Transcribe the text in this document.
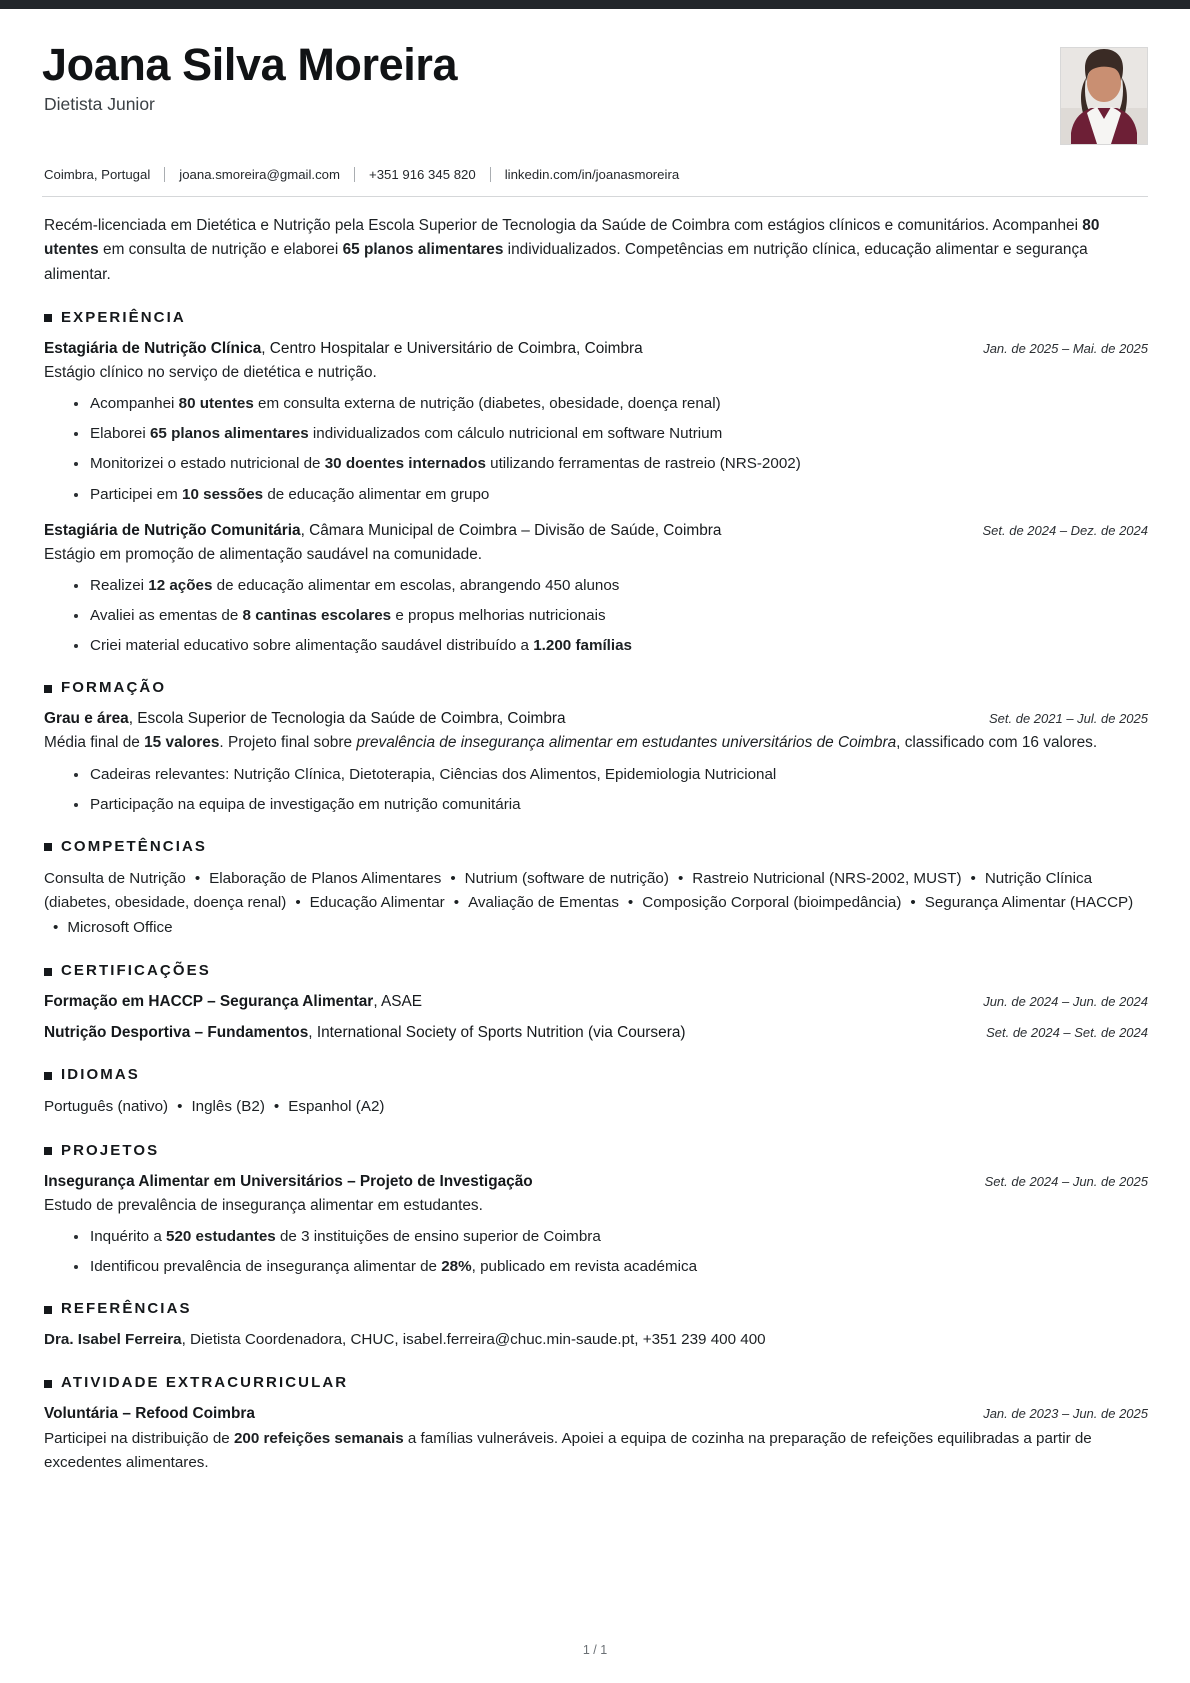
Joana Silva Moreira
Dietista Junior
Coimbra, Portugal joana.smoreira@gmail.com +351 916 345 820 linkedin.com/in/joanasmoreira
Recém-licenciada em Dietética e Nutrição pela Escola Superior de Tecnologia da Saúde de Coimbra com estágios clínicos e comunitários. Acompanhei 80 utentes em consulta de nutrição e elaborei 65 planos alimentares individualizados. Competências em nutrição clínica, educação alimentar e segurança alimentar.
EXPERIÊNCIA
Estagiária de Nutrição Clínica, Centro Hospitalar e Universitário de Coimbra, Coimbra	Jan. de 2025 – Mai. de 2025
Estágio clínico no serviço de dietética e nutrição.
Acompanhei 80 utentes em consulta externa de nutrição (diabetes, obesidade, doença renal)
Elaborei 65 planos alimentares individualizados com cálculo nutricional em software Nutrium
Monitorizei o estado nutricional de 30 doentes internados utilizando ferramentas de rastreio (NRS-2002)
Participei em 10 sessões de educação alimentar em grupo
Estagiária de Nutrição Comunitária, Câmara Municipal de Coimbra – Divisão de Saúde, Coimbra	Set. de 2024 – Dez. de 2024
Estágio em promoção de alimentação saudável na comunidade.
Realizei 12 ações de educação alimentar em escolas, abrangendo 450 alunos
Avaliei as ementas de 8 cantinas escolares e propus melhorias nutricionais
Criei material educativo sobre alimentação saudável distribuído a 1.200 famílias
FORMAÇÃO
Grau e área, Escola Superior de Tecnologia da Saúde de Coimbra, Coimbra	Set. de 2021 – Jul. de 2025
Média final de 15 valores. Projeto final sobre prevalência de insegurança alimentar em estudantes universitários de Coimbra, classificado com 16 valores.
Cadeiras relevantes: Nutrição Clínica, Dietoterapia, Ciências dos Alimentos, Epidemiologia Nutricional
Participação na equipa de investigação em nutrição comunitária
COMPETÊNCIAS
Consulta de Nutrição • Elaboração de Planos Alimentares • Nutrium (software de nutrição) • Rastreio Nutricional (NRS-2002, MUST) • Nutrição Clínica (diabetes, obesidade, doença renal) • Educação Alimentar • Avaliação de Ementas • Composição Corporal (bioimpedância) • Segurança Alimentar (HACCP)• Microsoft Office
CERTIFICAÇÕES
Formação em HACCP – Segurança Alimentar, ASAE	Jun. de 2024 – Jun. de 2024
Nutrição Desportiva – Fundamentos, International Society of Sports Nutrition (via Coursera)	Set. de 2024 – Set. de 2024
IDIOMAS
Português (nativo) • Inglês (B2) • Espanhol (A2)
PROJETOS
Insegurança Alimentar em Universitários – Projeto de Investigação	Set. de 2024 – Jun. de 2025
Estudo de prevalência de insegurança alimentar em estudantes.
Inquérito a 520 estudantes de 3 instituições de ensino superior de Coimbra
Identificou prevalência de insegurança alimentar de 28%, publicado em revista académica
REFERÊNCIAS
Dra. Isabel Ferreira, Dietista Coordenadora, CHUC, isabel.ferreira@chuc.min-saude.pt, +351 239 400 400
ATIVIDADE EXTRACURRICULAR
Voluntária – Refood Coimbra	Jan. de 2023 – Jun. de 2025
Participei na distribuição de 200 refeições semanais a famílias vulneráveis. Apoiei a equipa de cozinha na preparação de refeições equilibradas a partir de excedentes alimentares.
1 / 1
